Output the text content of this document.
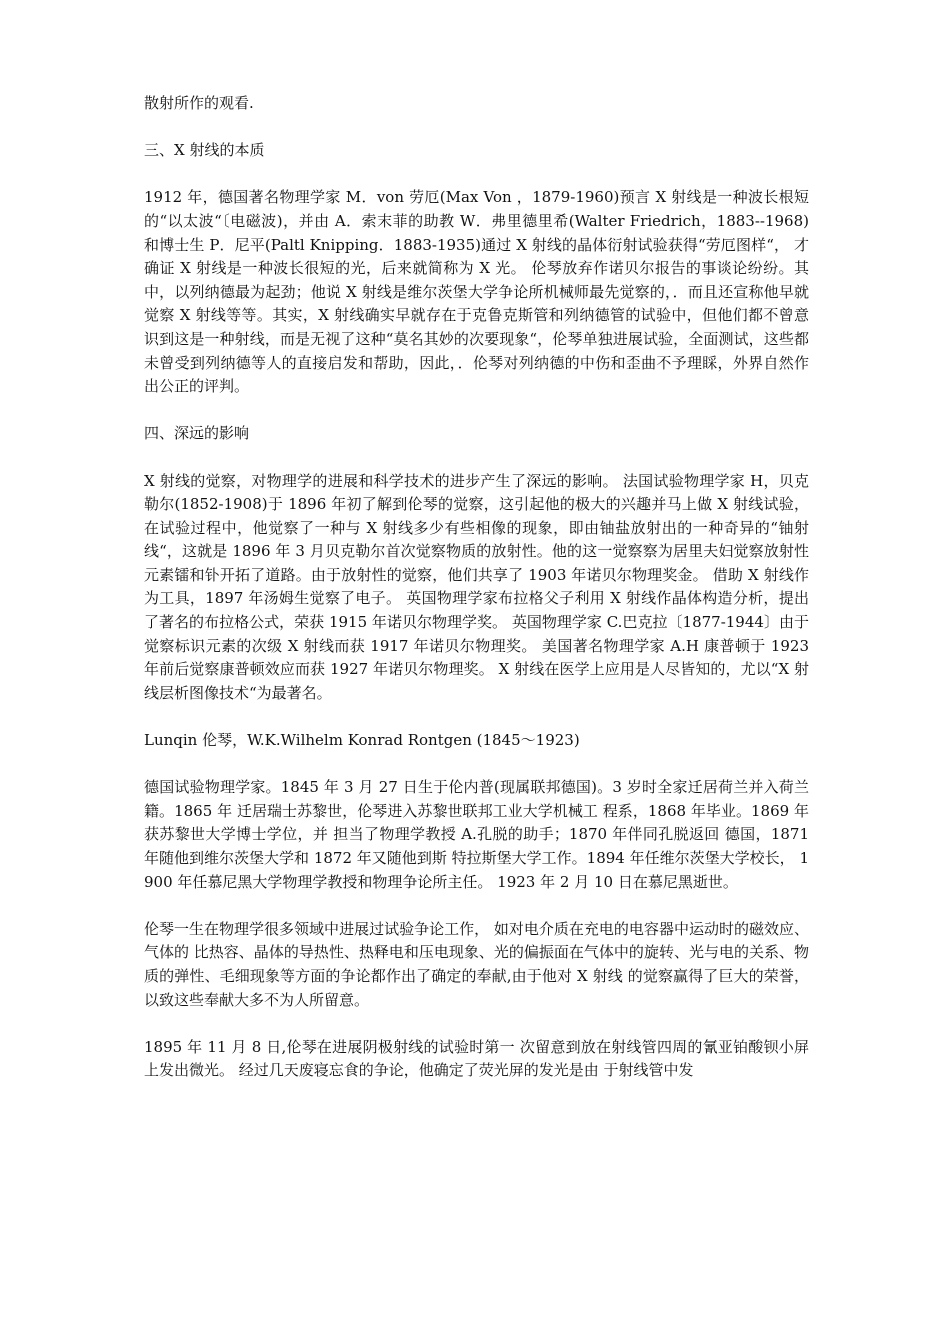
散射所作的观看.

三、X 射线的本质

1912 年，德国著名物理学家 M．von 劳厄(Max Von ，1879-1960)预言 X 射线是一种波长根短的“以太波“〔电磁波)，并由 A．索末菲的助教 W．弗里德里希(Walter Friedrich，1883--1968) 和博士生 P．尼平(Paltl Knipping．1883-1935)通过 X 射线的晶体衍射试验获得“劳厄图样“， 才确证 X 射线是一种波长很短的光，后来就简称为 X 光。 伦琴放弃作诺贝尔报告的事谈论纷纷。其中，以列纳德最为起劲；他说 X 射线是维尔茨堡大学争论所机械师最先觉察的，．而且还宣称他早就觉察 X 射线等等。其实，X 射线确实早就存在于克鲁克斯管和列纳德管的试验中，但他们都不曾意识到这是一种射线，而是无视了这种“莫名其妙的次要现象“，伦琴单独进展试验，全面测试，这些都未曾受到列纳德等人的直接启发和帮助，因此，．伦琴对列纳德的中伤和歪曲不予理睬，外界自然作出公正的评判。

四、深远的影响

X 射线的觉察，对物理学的进展和科学技术的进步产生了深远的影响。 法国试验物理学家 H，贝克勒尔(1852-1908)于 1896 年初了解到伦琴的觉察，这引起他的极大的兴趣并马上做 X 射线试验，在试验过程中，他觉察了一种与 X 射线多少有些相像的现象，即由铀盐放射出的一种奇异的“铀射线“，这就是 1896 年 3 月贝克勒尔首次觉察物质的放射性。他的这一觉察察为居里夫妇觉察放射性元素镭和钋开拓了道路。由于放射性的觉察，他们共享了 1903 年诺贝尔物理奖金。 借助 X 射线作为工具，1897 年汤姆生觉察了电子。 英国物理学家布拉格父子利用 X 射线作晶体构造分析，提出了著名的布拉格公式，荣获 1915 年诺贝尔物理学奖。 英国物理学家 C.巴克拉〔1877-1944〕由于觉察标识元素的次级 X 射线而获 1917 年诺贝尔物理奖。 美国著名物理学家 A.H 康普顿于 1923 年前后觉察康普顿效应而获 1927 年诺贝尔物理奖。 X 射线在医学上应用是人尽皆知的，尤以“X 射线层析图像技术“为最著名。

Lunqin 伦琴，W.K.Wilhelm Konrad Rontgen (1845～1923)

德国试验物理学家。1845 年 3 月 27 日生于伦内普(现属联邦德国)。3 岁时全家迁居荷兰并入荷兰籍。1865 年 迁居瑞士苏黎世，伦琴进入苏黎世联邦工业大学机械工 程系，1868 年毕业。1869 年获苏黎世大学博士学位，并 担当了物理学教授 A.孔脱的助手；1870 年伴同孔脱返回 德国，1871 年随他到维尔茨堡大学和 1872 年又随他到斯 特拉斯堡大学工作。1894 年任维尔茨堡大学校长， 1900 年任慕尼黑大学物理学教授和物理争论所主任。 1923 年 2 月 10 日在慕尼黑逝世。

伦琴一生在物理学很多领域中进展过试验争论工作， 如对电介质在充电的电容器中运动时的磁效应、气体的 比热容、晶体的导热性、热释电和压电现象、光的偏振面在气体中的旋转、光与电的关系、物质的弹性、毛细现象等方面的争论都作出了确定的奉献,由于他对 X 射线 的觉察赢得了巨大的荣誉，以致这些奉献大多不为人所留意。

1895 年 11 月 8 日,伦琴在进展阴极射线的试验时第一 次留意到放在射线管四周的氰亚铂酸钡小屏上发出微光。 经过几天废寝忘食的争论，他确定了荧光屏的发光是由 于射线管中发
